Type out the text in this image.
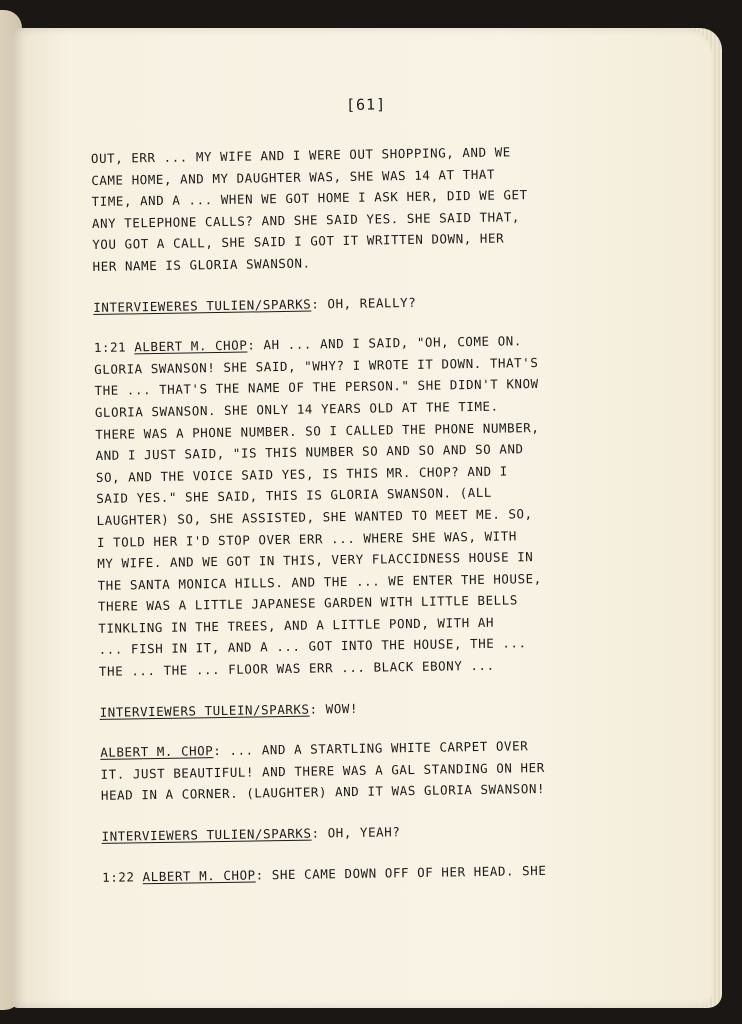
[61]
OUT, ERR ... MY WIFE AND I WERE OUT SHOPPING, AND WE
CAME HOME, AND MY DAUGHTER WAS, SHE WAS 14 AT THAT
TIME, AND A ... WHEN WE GOT HOME I ASK HER, DID WE GET
ANY TELEPHONE CALLS? AND SHE SAID YES. SHE SAID THAT,
YOU GOT A CALL, SHE SAID I GOT IT WRITTEN DOWN, HER
HER NAME IS GLORIA SWANSON.
INTERVIEWERES TULIEN/SPARKS: OH, REALLY?
1:21 ALBERT M. CHOP: AH ... AND I SAID, "OH, COME ON.
GLORIA SWANSON! SHE SAID, "WHY? I WROTE IT DOWN. THAT'S
THE ... THAT'S THE NAME OF THE PERSON." SHE DIDN'T KNOW
GLORIA SWANSON. SHE ONLY 14 YEARS OLD AT THE TIME.
THERE WAS A PHONE NUMBER. SO I CALLED THE PHONE NUMBER,
AND I JUST SAID, "IS THIS NUMBER SO AND SO AND SO AND
SO, AND THE VOICE SAID YES, IS THIS MR. CHOP? AND I
SAID YES." SHE SAID, THIS IS GLORIA SWANSON. (ALL
LAUGHTER) SO, SHE ASSISTED, SHE WANTED TO MEET ME. SO,
I TOLD HER I'D STOP OVER ERR ... WHERE SHE WAS, WITH
MY WIFE. AND WE GOT IN THIS, VERY FLACCIDNESS HOUSE IN
THE SANTA MONICA HILLS. AND THE ... WE ENTER THE HOUSE,
THERE WAS A LITTLE JAPANESE GARDEN WITH LITTLE BELLS
TINKLING IN THE TREES, AND A LITTLE POND, WITH AH
... FISH IN IT, AND A ... GOT INTO THE HOUSE, THE ...
THE ... THE ... FLOOR WAS ERR ... BLACK EBONY ...
INTERVIEWERS TULEIN/SPARKS: WOW!
ALBERT M. CHOP: ... AND A STARTLING WHITE CARPET OVER
IT. JUST BEAUTIFUL! AND THERE WAS A GAL STANDING ON HER
HEAD IN A CORNER. (LAUGHTER) AND IT WAS GLORIA SWANSON!
INTERVIEWERS TULIEN/SPARKS: OH, YEAH?
1:22 ALBERT M. CHOP: SHE CAME DOWN OFF OF HER HEAD. SHE
